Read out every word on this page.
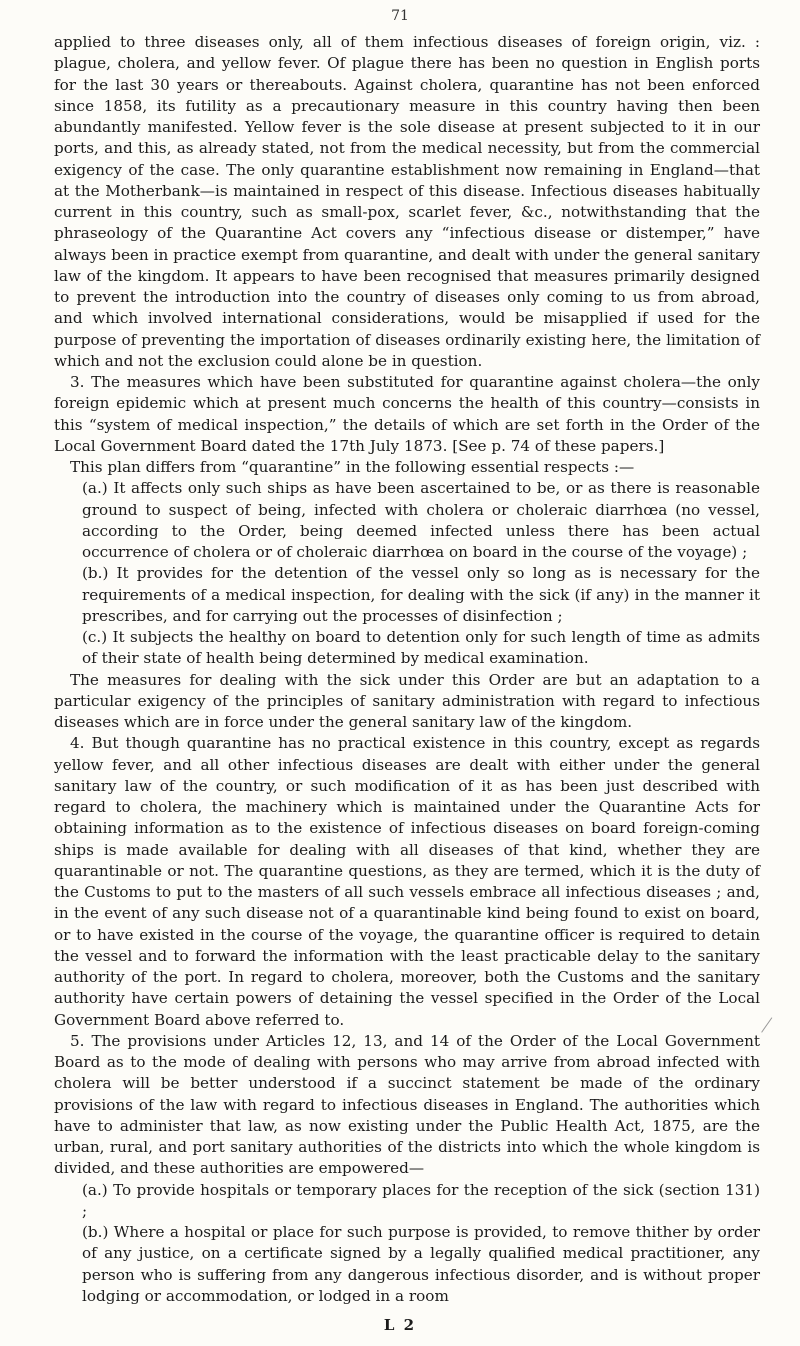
71

applied to three diseases only, all of them infectious diseases of foreign origin, viz. : plague, cholera, and yellow fever. Of plague there has been no question in English ports for the last 30 years or thereabouts. Against cholera, quarantine has not been enforced since 1858, its futility as a precautionary measure in this country having then been abundantly manifested. Yellow fever is the sole disease at present subjected to it in our ports, and this, as already stated, not from the medical necessity, but from the commercial exigency of the case. The only quarantine establishment now remaining in England—that at the Motherbank—is maintained in respect of this disease. Infectious diseases habitually current in this country, such as small-pox, scarlet fever, &c., notwithstanding that the phraseology of the Quarantine Act covers any “infectious disease or distemper,” have always been in practice exempt from quarantine, and dealt with under the general sanitary law of the kingdom. It appears to have been recognised that measures primarily designed to prevent the introduction into the country of diseases only coming to us from abroad, and which involved international considerations, would be misapplied if used for the purpose of preventing the importation of diseases ordinarily existing here, the limitation of which and not the exclusion could alone be in question.

3. The measures which have been substituted for quarantine against cholera—the only foreign epidemic which at present much concerns the health of this country—consists in this “system of medical inspection,” the details of which are set forth in the Order of the Local Government Board dated the 17th July 1873. [See p. 74 of these papers.]

This plan differs from “quarantine” in the following essential respects :—

(a.) It affects only such ships as have been ascertained to be, or as there is reasonable ground to suspect of being, infected with cholera or choleraic diarrhœa (no vessel, according to the Order, being deemed infected unless there has been actual occurrence of cholera or of choleraic diarrhœa on board in the course of the voyage) ;

(b.) It provides for the detention of the vessel only so long as is necessary for the requirements of a medical inspection, for dealing with the sick (if any) in the manner it prescribes, and for carrying out the processes of disinfection ;

(c.) It subjects the healthy on board to detention only for such length of time as admits of their state of health being determined by medical examination.

The measures for dealing with the sick under this Order are but an adaptation to a particular exigency of the principles of sanitary administration with regard to infectious diseases which are in force under the general sanitary law of the kingdom.

4. But though quarantine has no practical existence in this country, except as regards yellow fever, and all other infectious diseases are dealt with either under the general sanitary law of the country, or such modification of it as has been just described with regard to cholera, the machinery which is maintained under the Quarantine Acts for obtaining information as to the existence of infectious diseases on board foreign-coming ships is made available for dealing with all diseases of that kind, whether they are quarantinable or not. The quarantine questions, as they are termed, which it is the duty of the Customs to put to the masters of all such vessels embrace all infectious diseases ; and, in the event of any such disease not of a quarantinable kind being found to exist on board, or to have existed in the course of the voyage, the quarantine officer is required to detain the vessel and to forward the information with the least practicable delay to the sanitary authority of the port. In regard to cholera, moreover, both the Customs and the sanitary authority have certain powers of detaining the vessel specified in the Order of the Local Government Board above referred to.

5. The provisions under Articles 12, 13, and 14 of the Order of the Local Government Board as to the mode of dealing with persons who may arrive from abroad infected with cholera will be better understood if a succinct statement be made of the ordinary provisions of the law with regard to infectious diseases in England. The authorities which have to administer that law, as now existing under the Public Health Act, 1875, are the urban, rural, and port sanitary authorities of the districts into which the whole kingdom is divided, and these authorities are empowered—

(a.) To provide hospitals or temporary places for the reception of the sick (section 131) ;

(b.) Where a hospital or place for such purpose is provided, to remove thither by order of any justice, on a certificate signed by a legally qualified medical practitioner, any person who is suffering from any dangerous infectious disorder, and is without proper lodging or accommodation, or lodged in a room

L 2
